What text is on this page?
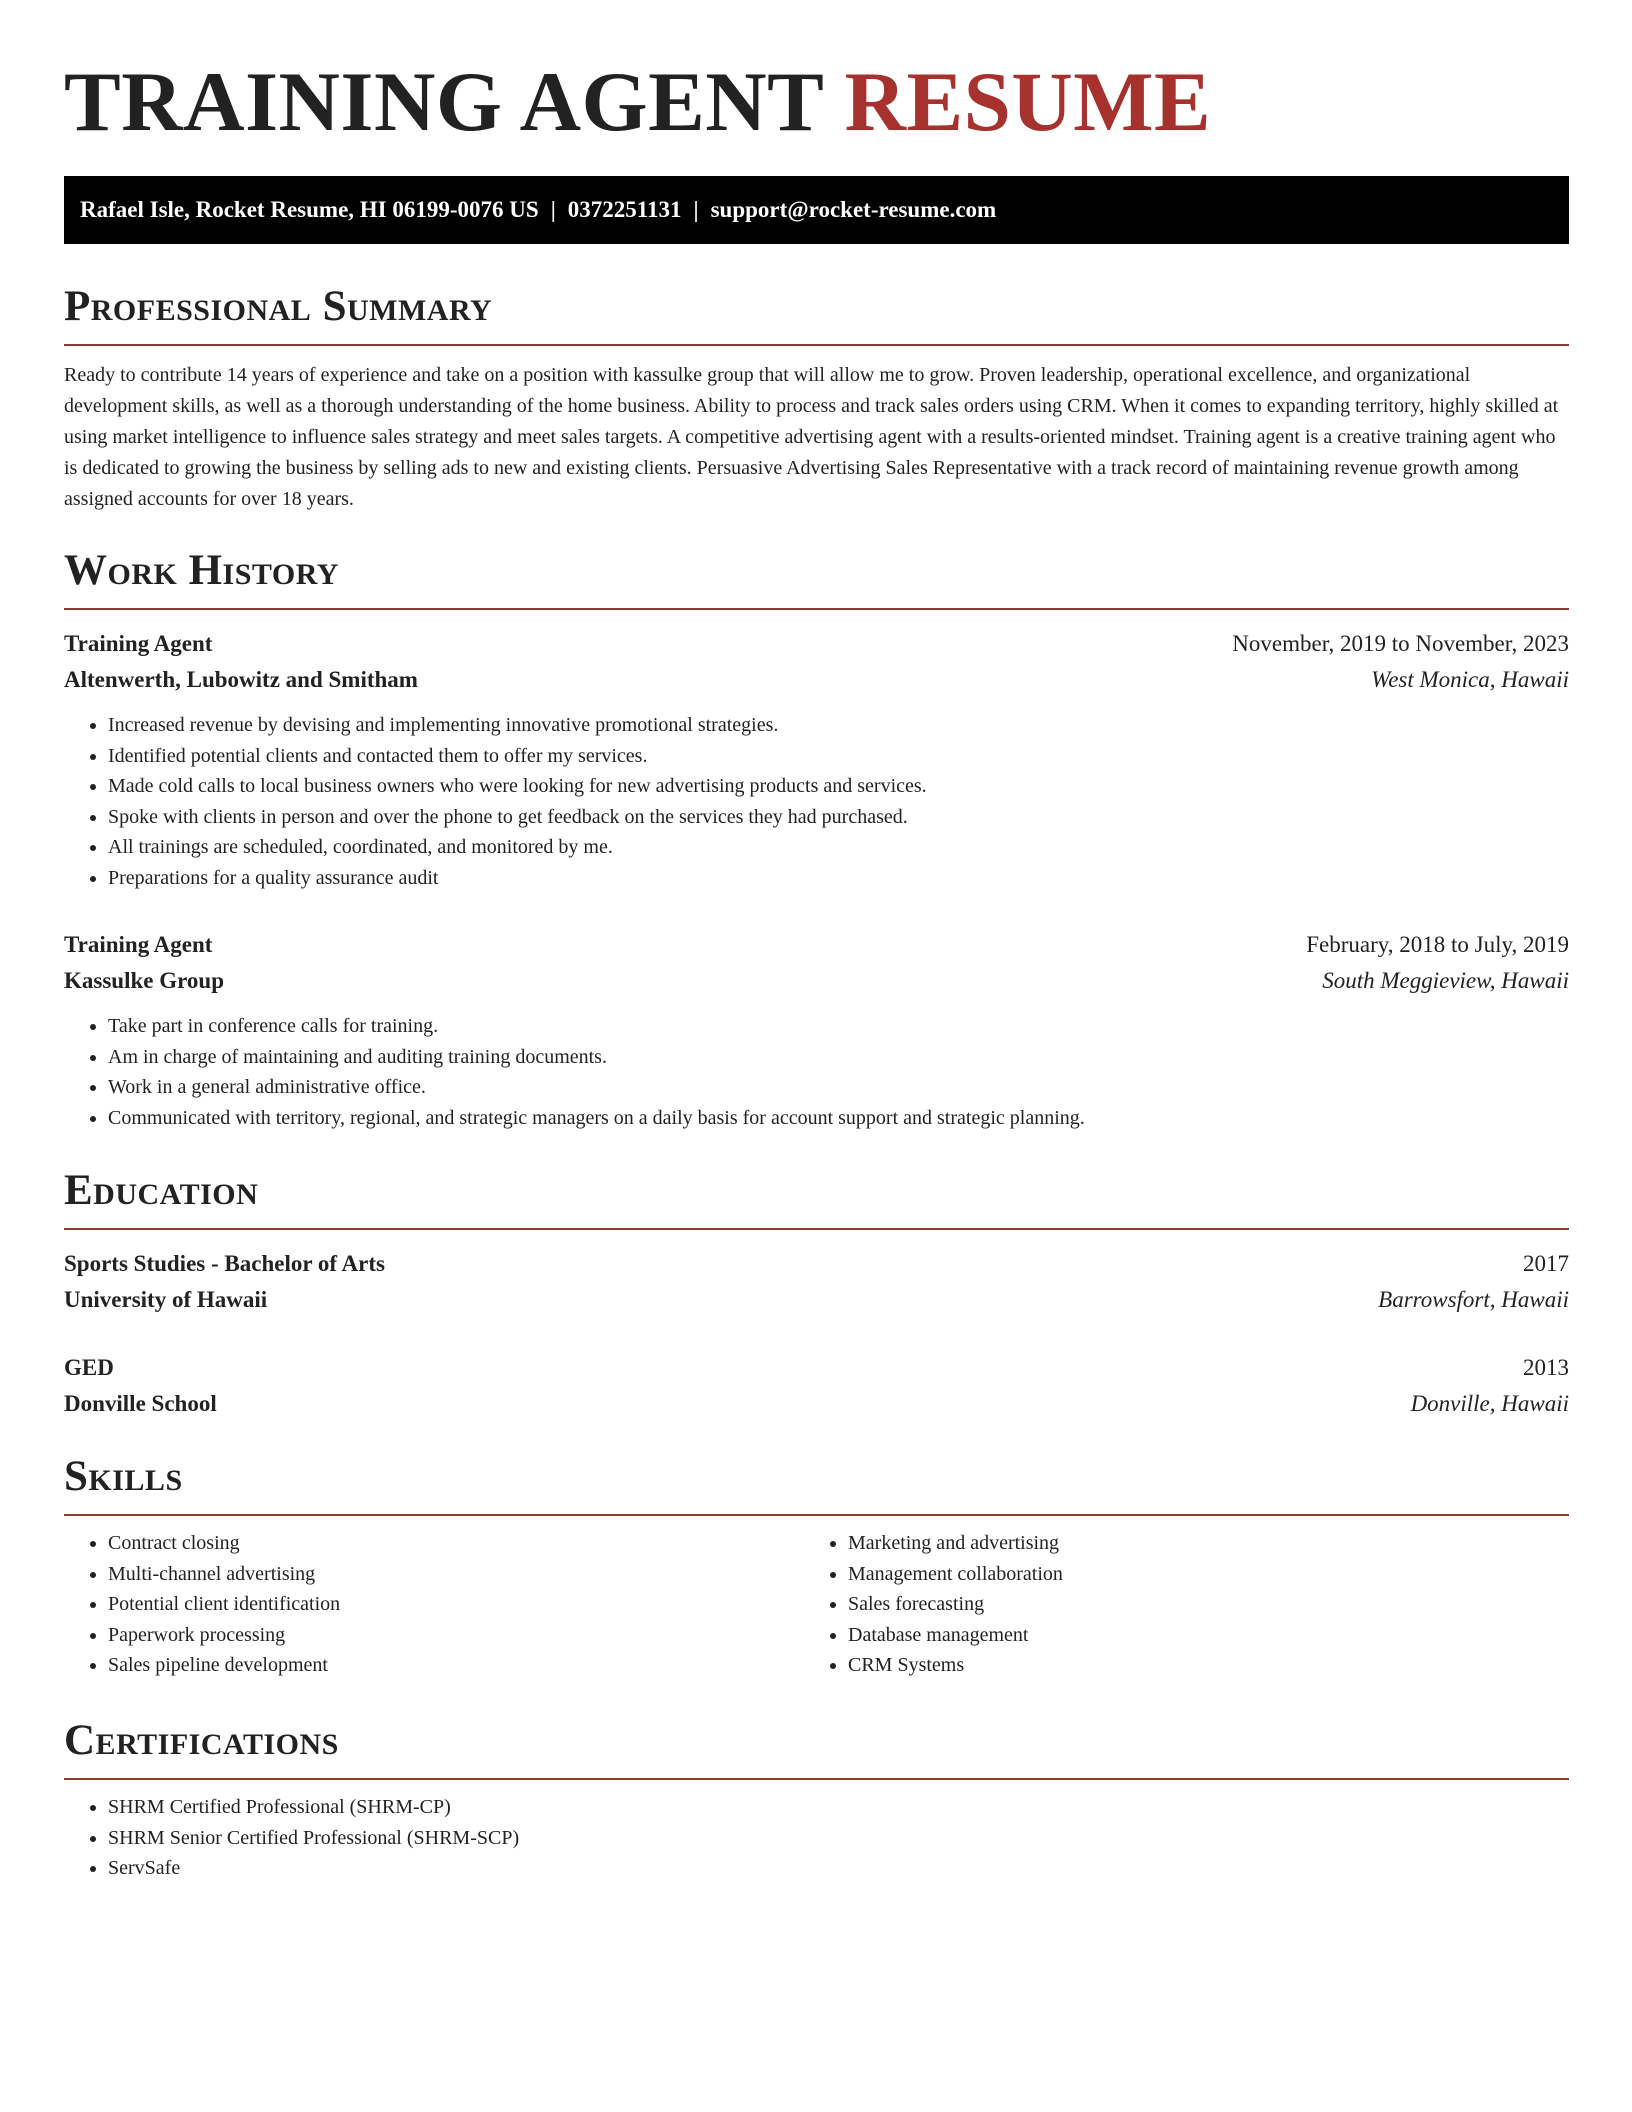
TRAINING AGENT RESUME
Rafael Isle, Rocket Resume, HI 06199-0076 US | 0372251131 | support@rocket-resume.com
Professional Summary

Ready to contribute 14 years of experience and take on a position with kassulke group that will allow me to grow. Proven leadership, operational excellence, and organizational development skills, as well as a thorough understanding of the home business. Ability to process and track sales orders using CRM. When it comes to expanding territory, highly skilled at using market intelligence to influence sales strategy and meet sales targets. A competitive advertising agent with a results-oriented mindset. Training agent is a creative training agent who is dedicated to growing the business by selling ads to new and existing clients. Persuasive Advertising Sales Representative with a track record of maintaining revenue growth among assigned accounts for over 18 years.

Work History
Training Agent	November, 2019 to November, 2023
Altenwerth, Lubowitz and Smitham	West Monica, Hawaii
• Increased revenue by devising and implementing innovative promotional strategies.
• Identified potential clients and contacted them to offer my services.
• Made cold calls to local business owners who were looking for new advertising products and services.
• Spoke with clients in person and over the phone to get feedback on the services they had purchased.
• All trainings are scheduled, coordinated, and monitored by me.
• Preparations for a quality assurance audit
Training Agent	February, 2018 to July, 2019
Kassulke Group	South Meggieview, Hawaii
• Take part in conference calls for training.
• Am in charge of maintaining and auditing training documents.
• Work in a general administrative office.
• Communicated with territory, regional, and strategic managers on a daily basis for account support and strategic planning.
Education
Sports Studies - Bachelor of Arts	2017
University of Hawaii	Barrowsfort, Hawaii
GED	2013
Donville School	Donville, Hawaii
Skills
• Contract closing
• Multi-channel advertising
• Potential client identification
• Paperwork processing
• Sales pipeline development
• Marketing and advertising
• Management collaboration
• Sales forecasting
• Database management
• CRM Systems
Certifications
• SHRM Certified Professional (SHRM-CP)
• SHRM Senior Certified Professional (SHRM-SCP)
• ServSafe
